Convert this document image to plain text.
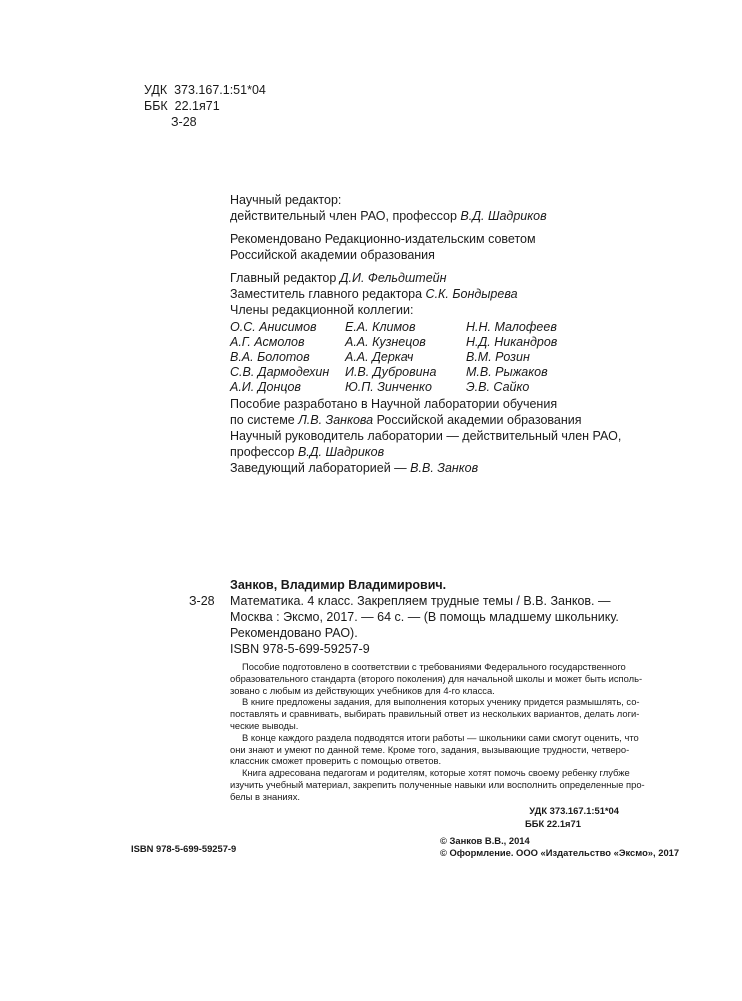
УДК 373.167.1:51*04
ББК 22.1я71
З-28
Научный редактор:
действительный член РАО, профессор В.Д. Шадриков
Рекомендовано Редакционно-издательским советом
Российской академии образования
Главный редактор Д.И. Фельдштейн
Заместитель главного редактора С.К. Бондырева
Члены редакционной коллегии:
О.С. Анисимов
А.Г. Асмолов
В.А. Болотов
С.В. Дармодехин
А.И. Донцов
Е.А. Климов
А.А. Кузнецов
А.А. Деркач
И.В. Дубровина
Ю.П. Зинченко
Н.Н. Малофеев
Н.Д. Никандров
В.М. Розин
М.В. Рыжаков
Э.В. Сайко
Пособие разработано в Научной лаборатории обучения
по системе Л.В. Занкова Российской академии образования
Научный руководитель лаборатории — действительный член РАО,
профессор В.Д. Шадриков
Заведующий лабораторией — В.В. Занков
Занков, Владимир Владимирович.
З-28 Математика. 4 класс. Закрепляем трудные темы / В.В. Занков. —
Москва : Эксмо, 2017. — 64 с. — (В помощь младшему школьнику.
Рекомендовано РАО).
ISBN 978-5-699-59257-9
Пособие подготовлено в соответствии с требованиями Федерального государственного
образовательного стандарта (второго поколения) для начальной школы и может быть исполь-
зовано с любым из действующих учебников для 4-го класса.
В книге предложены задания, для выполнения которых ученику придется размышлять, со-
поставлять и сравнивать, выбирать правильный ответ из нескольких вариантов, делать логи-
ческие выводы.
В конце каждого раздела подводятся итоги работы — школьники сами смогут оценить, что
они знают и умеют по данной теме. Кроме того, задания, вызывающие трудности, четверо-
классник сможет проверить с помощью ответов.
Книга адресована педагогам и родителям, которые хотят помочь своему ребенку глубже
изучить учебный материал, закрепить полученные навыки или восполнить определенные про-
белы в знаниях.
УДК 373.167.1:51*04
ББК 22.1я71
ISBN 978-5-699-59257-9
© Занков В.В., 2014
© Оформление. ООО «Издательство «Эксмо», 2017
